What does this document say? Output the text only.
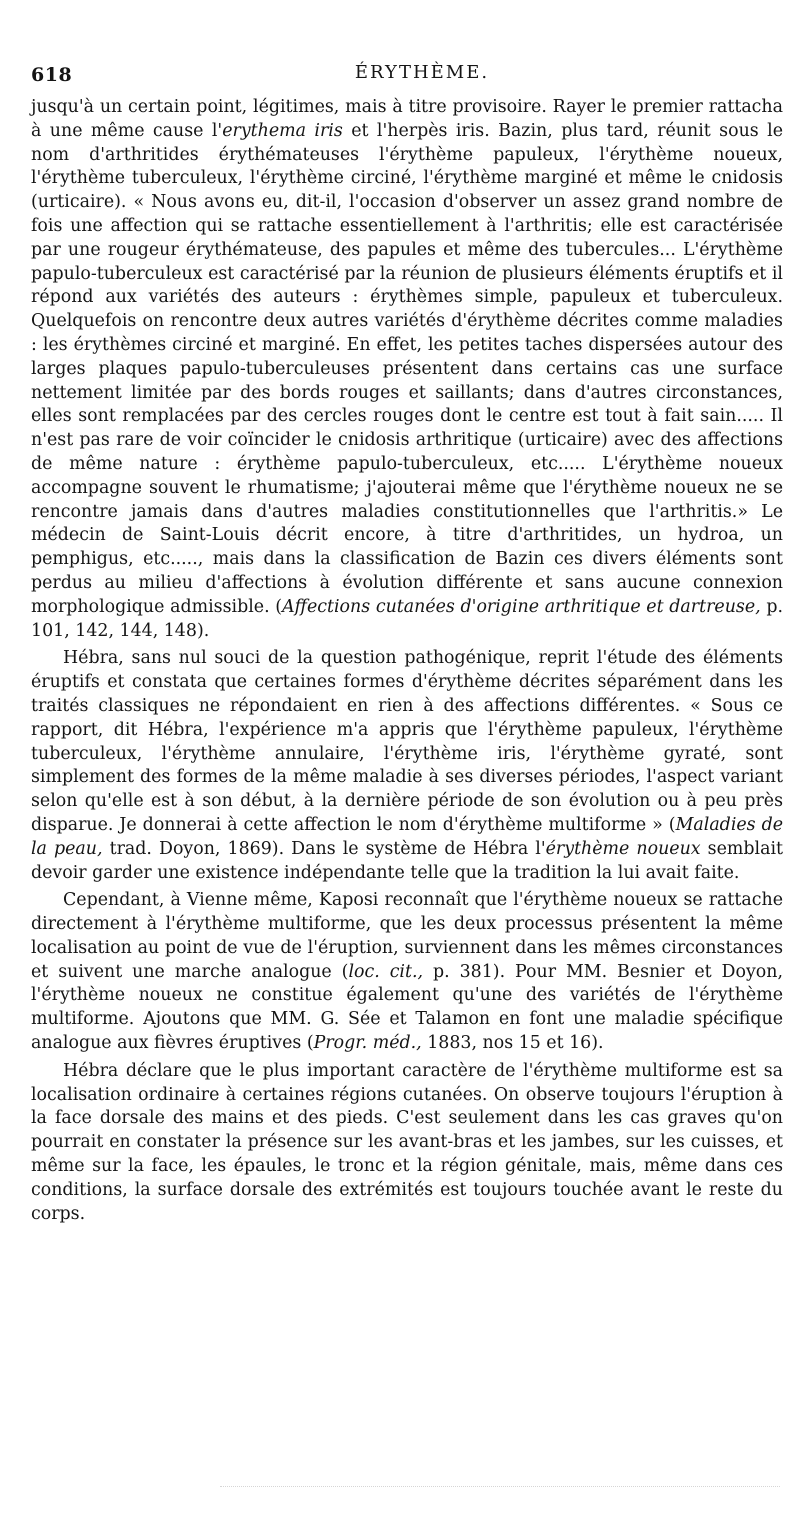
618	ÉRYTHÈME.

jusqu'à un certain point, légitimes, mais à titre provisoire. Rayer le premier rattacha à une même cause l'erythema iris et l'herpès iris. Bazin, plus tard, réunit sous le nom d'arthritides érythémateuses l'érythème papuleux, l'érythème noueux, l'érythème tuberculeux, l'érythème circiné, l'érythème marginé et même le cnidosis (urticaire). « Nous avons eu, dit-il, l'occasion d'observer un assez grand nombre de fois une affection qui se rattache essentiellement à l'arthritis; elle est caractérisée par une rougeur érythémateuse, des papules et même des tubercules... L'érythème papulo-tuberculeux est caractérisé par la réunion de plusieurs éléments éruptifs et il répond aux variétés des auteurs : érythèmes simple, papuleux et tuberculeux. Quelquefois on rencontre deux autres variétés d'érythème décrites comme maladies : les érythèmes circiné et marginé. En effet, les petites taches dispersées autour des larges plaques papulo-tuberculeuses présentent dans certains cas une surface nettement limitée par des bords rouges et saillants; dans d'autres circonstances, elles sont remplacées par des cercles rouges dont le centre est tout à fait sain..... Il n'est pas rare de voir coïncider le cnidosis arthritique (urticaire) avec des affections de même nature : érythème papulo-tuberculeux, etc..... L'érythème noueux accompagne souvent le rhumatisme; j'ajouterai même que l'érythème noueux ne se rencontre jamais dans d'autres maladies constitutionnelles que l'arthritis.» Le médecin de Saint-Louis décrit encore, à titre d'arthritides, un hydroa, un pemphigus, etc....., mais dans la classification de Bazin ces divers éléments sont perdus au milieu d'affections à évolution différente et sans aucune connexion morphologique admissible. (Affections cutanées d'origine arthritique et dartreuse, p. 101, 142, 144, 148).

Hébra, sans nul souci de la question pathogénique, reprit l'étude des éléments éruptifs et constata que certaines formes d'érythème décrites séparément dans les traités classiques ne répondaient en rien à des affections différentes. « Sous ce rapport, dit Hébra, l'expérience m'a appris que l'érythème papuleux, l'érythème tuberculeux, l'érythème annulaire, l'érythème iris, l'érythème gyraté, sont simplement des formes de la même maladie à ses diverses périodes, l'aspect variant selon qu'elle est à son début, à la dernière période de son évolution ou à peu près disparue. Je donnerai à cette affection le nom d'érythème multiforme » (Maladies de la peau, trad. Doyon, 1869). Dans le système de Hébra l'érythème noueux semblait devoir garder une existence indépendante telle que la tradition la lui avait faite.

Cependant, à Vienne même, Kaposi reconnaît que l'érythème noueux se rattache directement à l'érythème multiforme, que les deux processus présentent la même localisation au point de vue de l'éruption, surviennent dans les mêmes circonstances et suivent une marche analogue (loc. cit., p. 381). Pour MM. Besnier et Doyon, l'érythème noueux ne constitue également qu'une des variétés de l'érythème multiforme. Ajoutons que MM. G. Sée et Talamon en font une maladie spécifique analogue aux fièvres éruptives (Progr. méd., 1883, nos 15 et 16).

Hébra déclare que le plus important caractère de l'érythème multiforme est sa localisation ordinaire à certaines régions cutanées. On observe toujours l'éruption à la face dorsale des mains et des pieds. C'est seulement dans les cas graves qu'on pourrait en constater la présence sur les avant-bras et les jambes, sur les cuisses, et même sur la face, les épaules, le tronc et la région génitale, mais, même dans ces conditions, la surface dorsale des extrémités est toujours touchée avant le reste du corps.
